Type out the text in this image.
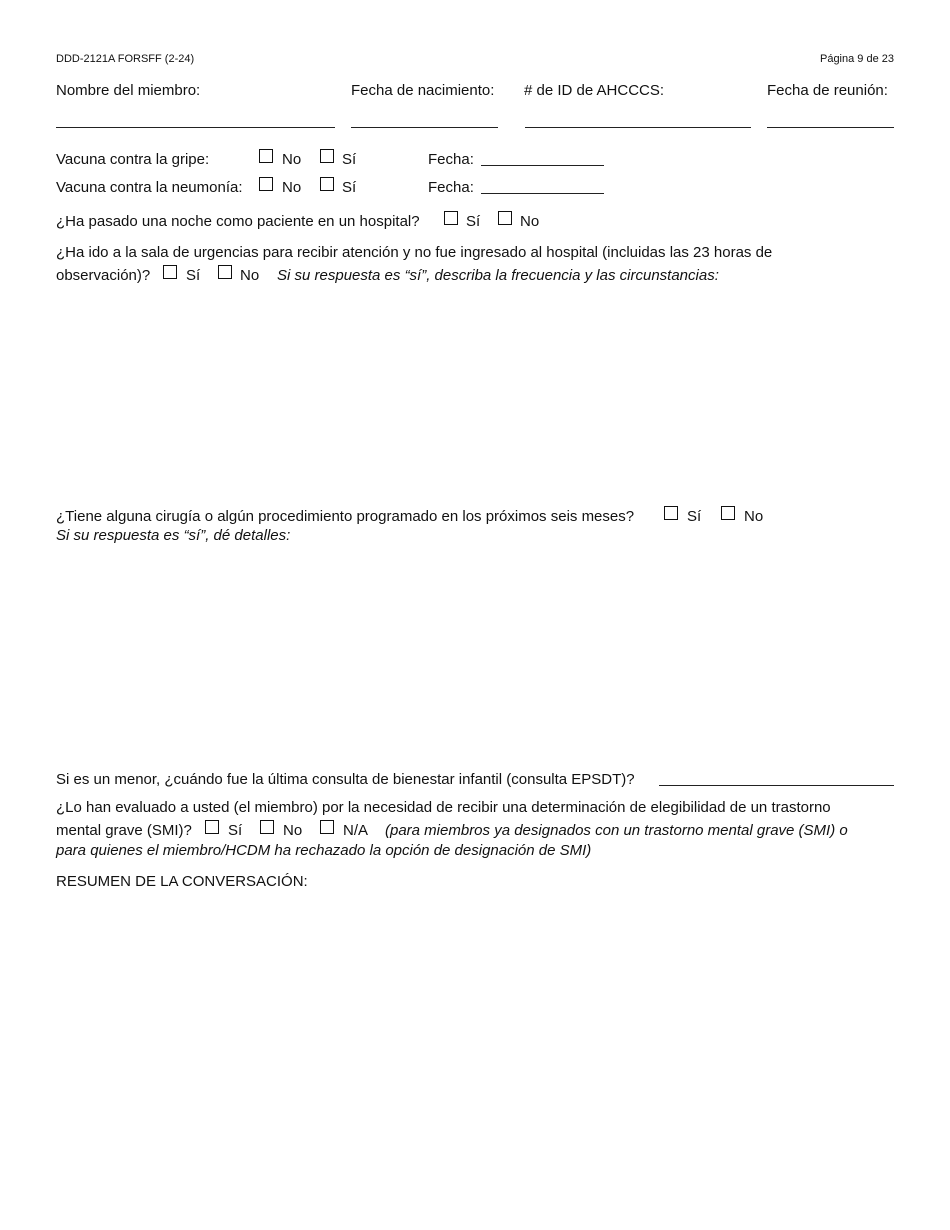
DDD-2121A FORSFF (2-24)	Página 9 de 23
Nombre del miembro:	Fecha de nacimiento: # de ID de AHCCCS:	Fecha de reunión:
Vacuna contra la gripe:	No	Sí	Fecha:
Vacuna contra la neumonía:	No	Sí	Fecha:
¿Ha pasado una noche como paciente en un hospital?	Sí	No
¿Ha ido a la sala de urgencias para recibir atención y no fue ingresado al hospital (incluidas las 23 horas de
observación)? Sí	No Si su respuesta es “sí”, describa la frecuencia y las circunstancias:
¿Tiene alguna cirugía o algún procedimiento programado en los próximos seis meses?	Sí	No
Si su respuesta es “sí”, dé detalles:
Si es un menor, ¿cuándo fue la última consulta de bienestar infantil (consulta EPSDT)?
¿Lo han evaluado a usted (el miembro) por la necesidad de recibir una determinación de elegibilidad de un trastorno
mental grave (SMI)? Sí	No	N/A (para miembros ya designados con un trastorno mental grave (SMI) o
para quienes el miembro/HCDM ha rechazado la opción de designación de SMI)
RESUMEN DE LA CONVERSACIÓN:
